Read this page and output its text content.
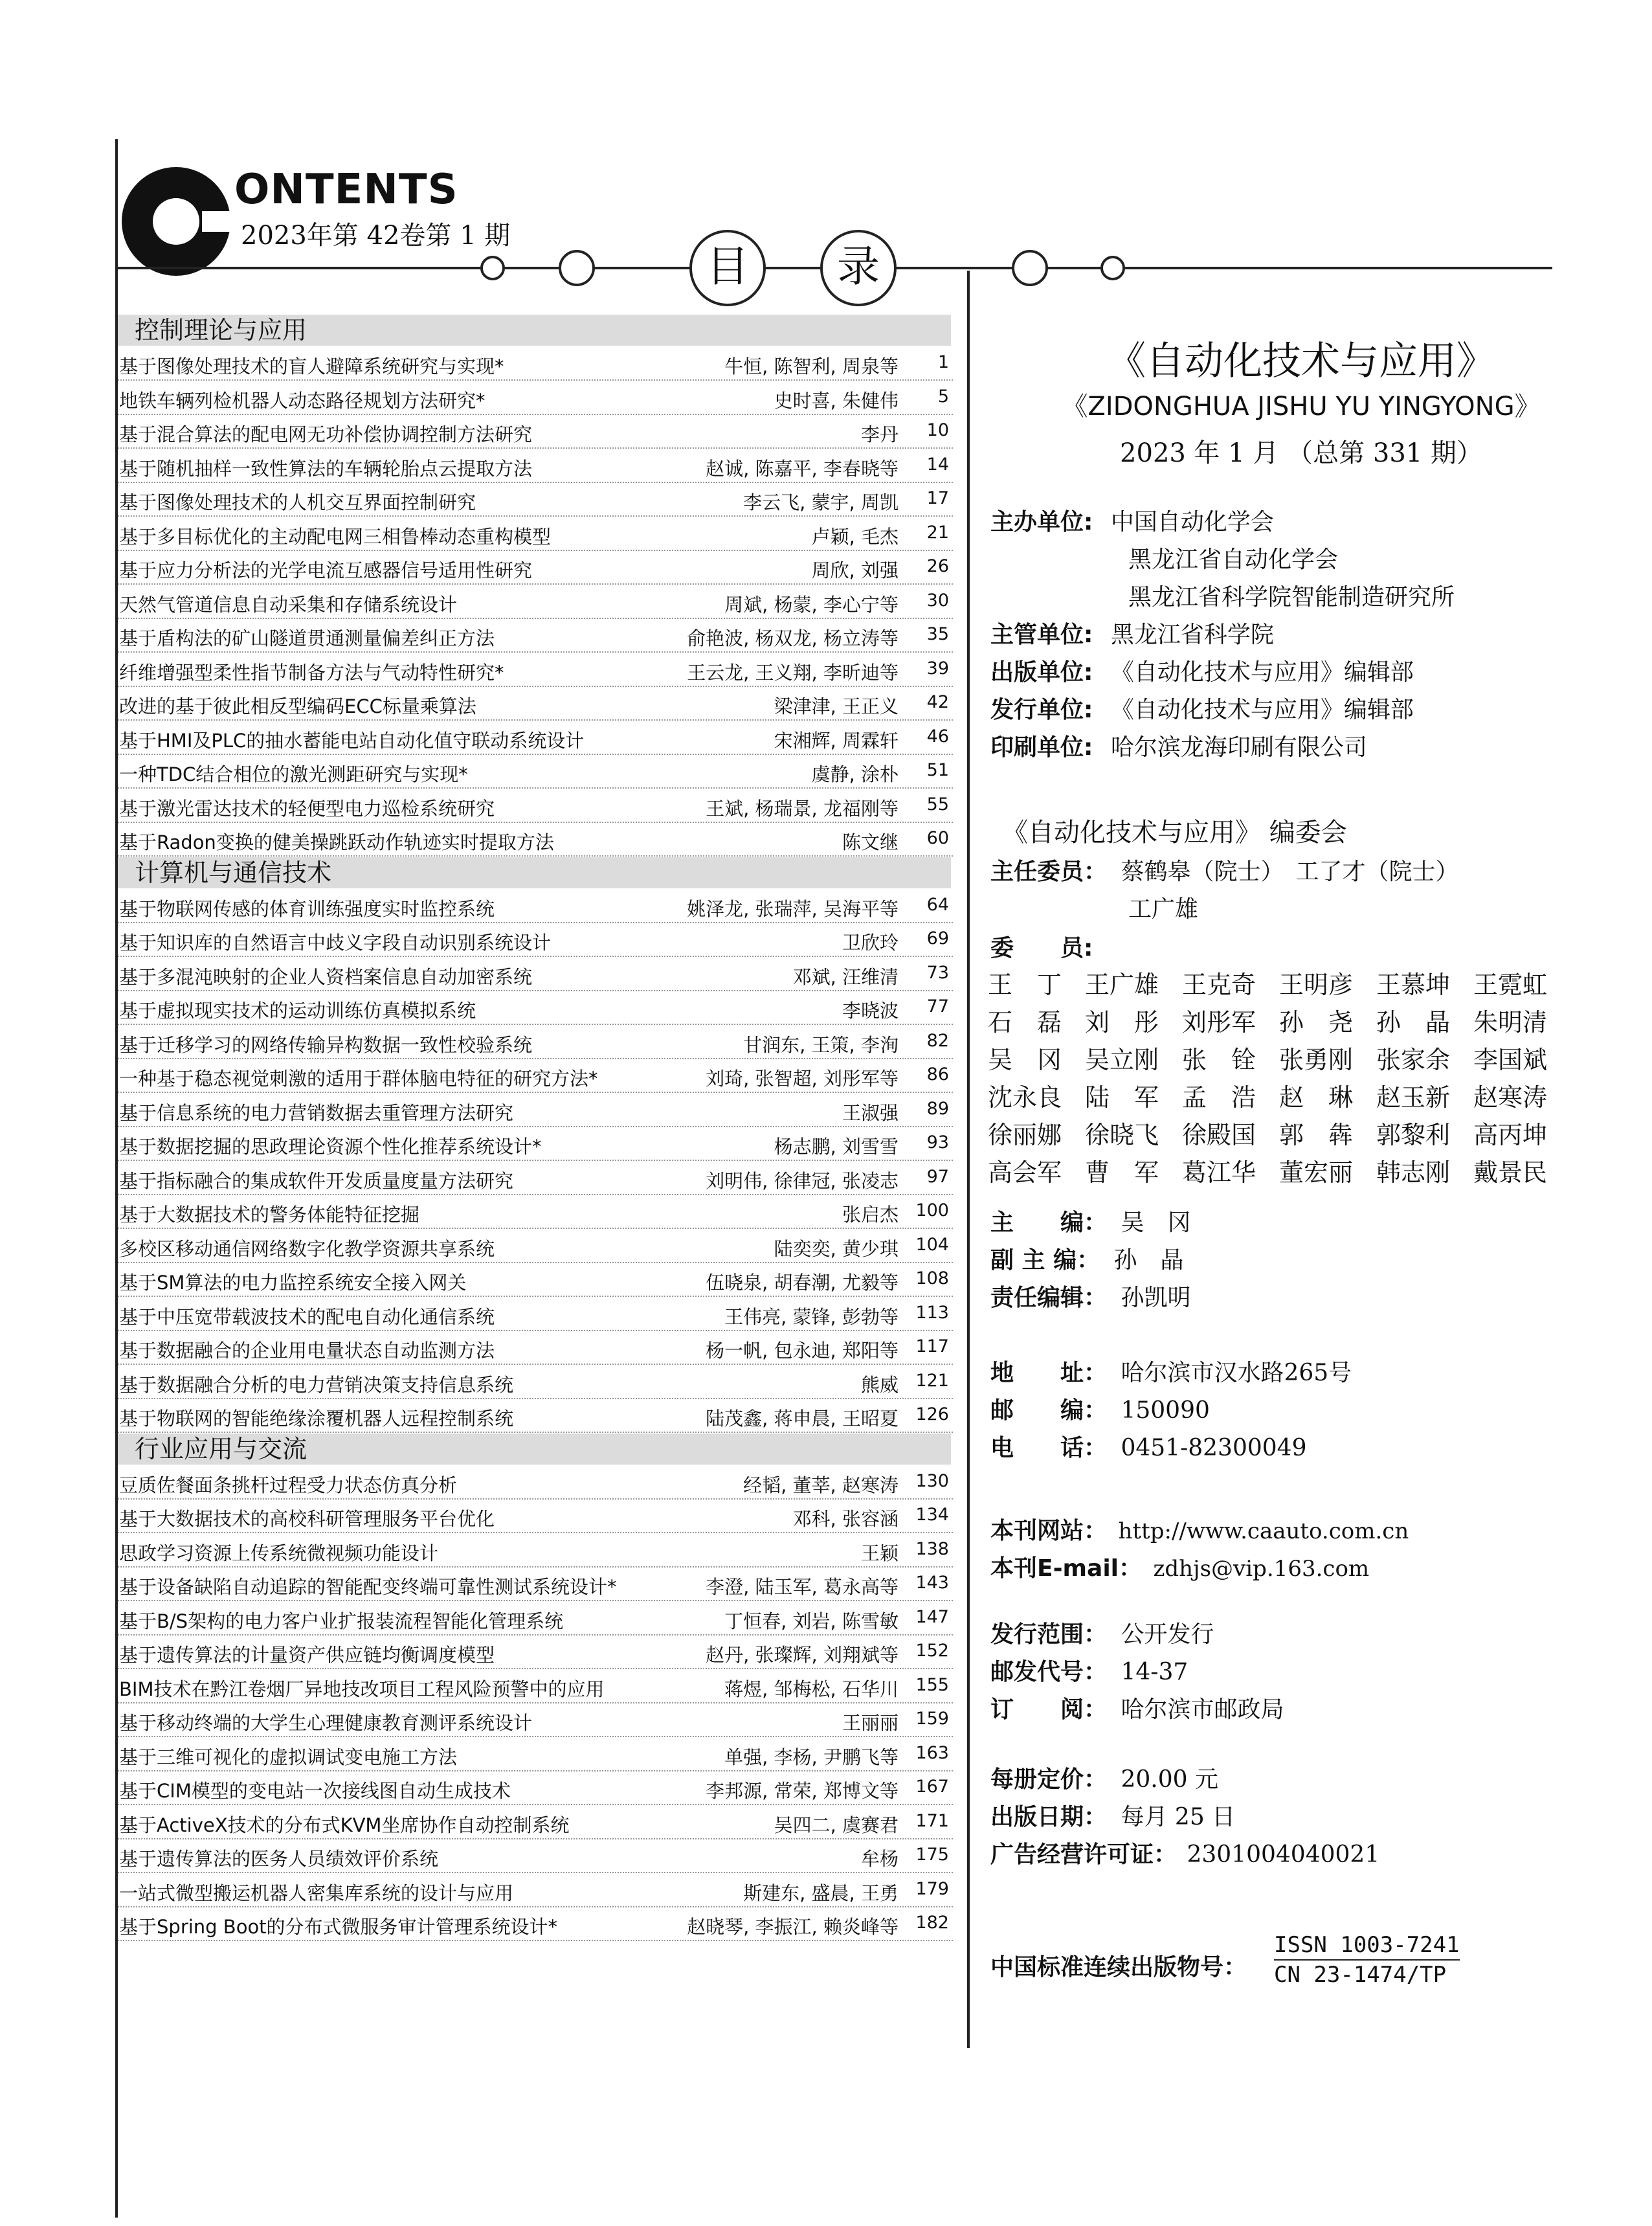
ONTENTS
2023年第 42卷第 1 期
目	录
控制理论与应用
基于图像处理技术的盲人避障系统研究与实现*	牛恒, 陈智利, 周泉等 1
地铁车辆列检机器人动态路径规划方法研究*	史时喜, 朱健伟 5
基于混合算法的配电网无功补偿协调控制方法研究	李丹 10
基于随机抽样一致性算法的车辆轮胎点云提取方法	赵诚, 陈嘉平, 李春晓等 14
基于图像处理技术的人机交互界面控制研究	李云飞, 蒙宇, 周凯 17
基于多目标优化的主动配电网三相鲁棒动态重构模型	卢颖, 毛杰 21
基于应力分析法的光学电流互感器信号适用性研究	周欣, 刘强 26
天然气管道信息自动采集和存储系统设计	周斌, 杨蒙, 李心宁等 30
基于盾构法的矿山隧道贯通测量偏差纠正方法	俞艳波, 杨双龙, 杨立涛等 35
纤维增强型柔性指节制备方法与气动特性研究*	王云龙, 王义翔, 李昕迪等 39
改进的基于彼此相反型编码ECC标量乘算法	梁津津, 王正义 42
基于HMI及PLC的抽水蓄能电站自动化值守联动系统设计	宋湘辉, 周霖轩 46
一种TDC结合相位的激光测距研究与实现*	虞静, 涂朴 51
基于激光雷达技术的轻便型电力巡检系统研究	王斌, 杨瑞景, 龙福刚等 55
基于Radon变换的健美操跳跃动作轨迹实时提取方法	陈文继 60
计算机与通信技术
基于物联网传感的体育训练强度实时监控系统	姚泽龙, 张瑞萍, 吴海平等 64
基于知识库的自然语言中歧义字段自动识别系统设计	卫欣玲 69
基于多混沌映射的企业人资档案信息自动加密系统	邓斌, 汪维清 73
基于虚拟现实技术的运动训练仿真模拟系统	李晓波 77
基于迁移学习的网络传输异构数据一致性校验系统	甘润东, 王策, 李洵 82
一种基于稳态视觉刺激的适用于群体脑电特征的研究方法*	刘琦, 张智超, 刘彤军等 86
基于信息系统的电力营销数据去重管理方法研究	王淑强 89
基于数据挖掘的思政理论资源个性化推荐系统设计*	杨志鹏, 刘雪雪 93
基于指标融合的集成软件开发质量度量方法研究	刘明伟, 徐律冠, 张凌志 97
基于大数据技术的警务体能特征挖掘	张启杰 100
多校区移动通信网络数字化教学资源共享系统	陆奕奕, 黄少琪 104
基于SM算法的电力监控系统安全接入网关	伍晓泉, 胡春潮, 尤毅等 108
基于中压宽带载波技术的配电自动化通信系统	王伟亮, 蒙锋, 彭勃等 113
基于数据融合的企业用电量状态自动监测方法	杨一帆, 包永迪, 郑阳等 117
基于数据融合分析的电力营销决策支持信息系统	熊威 121
基于物联网的智能绝缘涂覆机器人远程控制系统	陆茂鑫, 蒋申晨, 王昭夏 126
行业应用与交流
豆质佐餐面条挑杆过程受力状态仿真分析	经韬, 董莘, 赵寒涛 130
基于大数据技术的高校科研管理服务平台优化	邓科, 张容涵 134
思政学习资源上传系统微视频功能设计	王颖 138
基于设备缺陷自动追踪的智能配变终端可靠性测试系统设计*	李澄, 陆玉军, 葛永高等 143
基于B/S架构的电力客户业扩报装流程智能化管理系统	丁恒春, 刘岩, 陈雪敏 147
基于遗传算法的计量资产供应链均衡调度模型	赵丹, 张璨辉, 刘翔斌等 152
BIM技术在黔江卷烟厂异地技改项目工程风险预警中的应用	蒋煜, 邹梅松, 石华川 155
基于移动终端的大学生心理健康教育测评系统设计	王丽丽 159
基于三维可视化的虚拟调试变电施工方法	单强, 李杨, 尹鹏飞等 163
基于CIM模型的变电站一次接线图自动生成技术	李邦源, 常荣, 郑博文等 167
基于ActiveX技术的分布式KVM坐席协作自动控制系统	吴四二, 虞赛君 171
基于遗传算法的医务人员绩效评价系统	牟杨 175
一站式微型搬运机器人密集库系统的设计与应用	斯建东, 盛晨, 王勇 179
基于Spring Boot的分布式微服务审计管理系统设计*	赵晓琴, 李振江, 赖炎峰等 182
《自动化技术与应用》
《ZIDONGHUA JISHU YU YINGYONG》
2023 年 1 月 （总第 331 期）
主办单位: 中国自动化学会
黑龙江省自动化学会
黑龙江省科学院智能制造研究所
主管单位: 黑龙江省科学院
出版单位: 《自动化技术与应用》编辑部
发行单位: 《自动化技术与应用》编辑部
印刷单位: 哈尔滨龙海印刷有限公司
《自动化技术与应用》 编委会
主任委员： 蔡鹤皋（院士）　工了才（院士）
工广雄
委　　员:
王　丁 王广雄 王克奇 王明彦 王慕坤 王霓虹
石　磊 刘　彤 刘彤军 孙　尧 孙　晶 朱明清
吴　冈 吴立刚 张　铨 张勇刚 张家余 李国斌
沈永良 陆　军 孟　浩 赵　琳 赵玉新 赵寒涛
徐丽娜 徐晓飞 徐殿国 郭　犇 郭黎利 高丙坤
高会军 曹　军 葛江华 董宏丽 韩志刚 戴景民
主　　编： 吴　冈
副 主 编： 孙　晶
责任编辑： 孙凯明
地　　址： 哈尔滨市汉水路265号
邮　　编： 150090
电　　话： 0451-82300049
本刊网站： http://www.caauto.com.cn
本刊E-mail： zdhjs@vip.163.com
发行范围： 公开发行
邮发代号： 14-37
订　　阅： 哈尔滨市邮政局
每册定价： 20.00 元
出版日期： 每月 25 日
广告经营许可证： 2301004040021
中国标准连续出版物号：
ISSN 1003-7241
CN 23-1474/TP
